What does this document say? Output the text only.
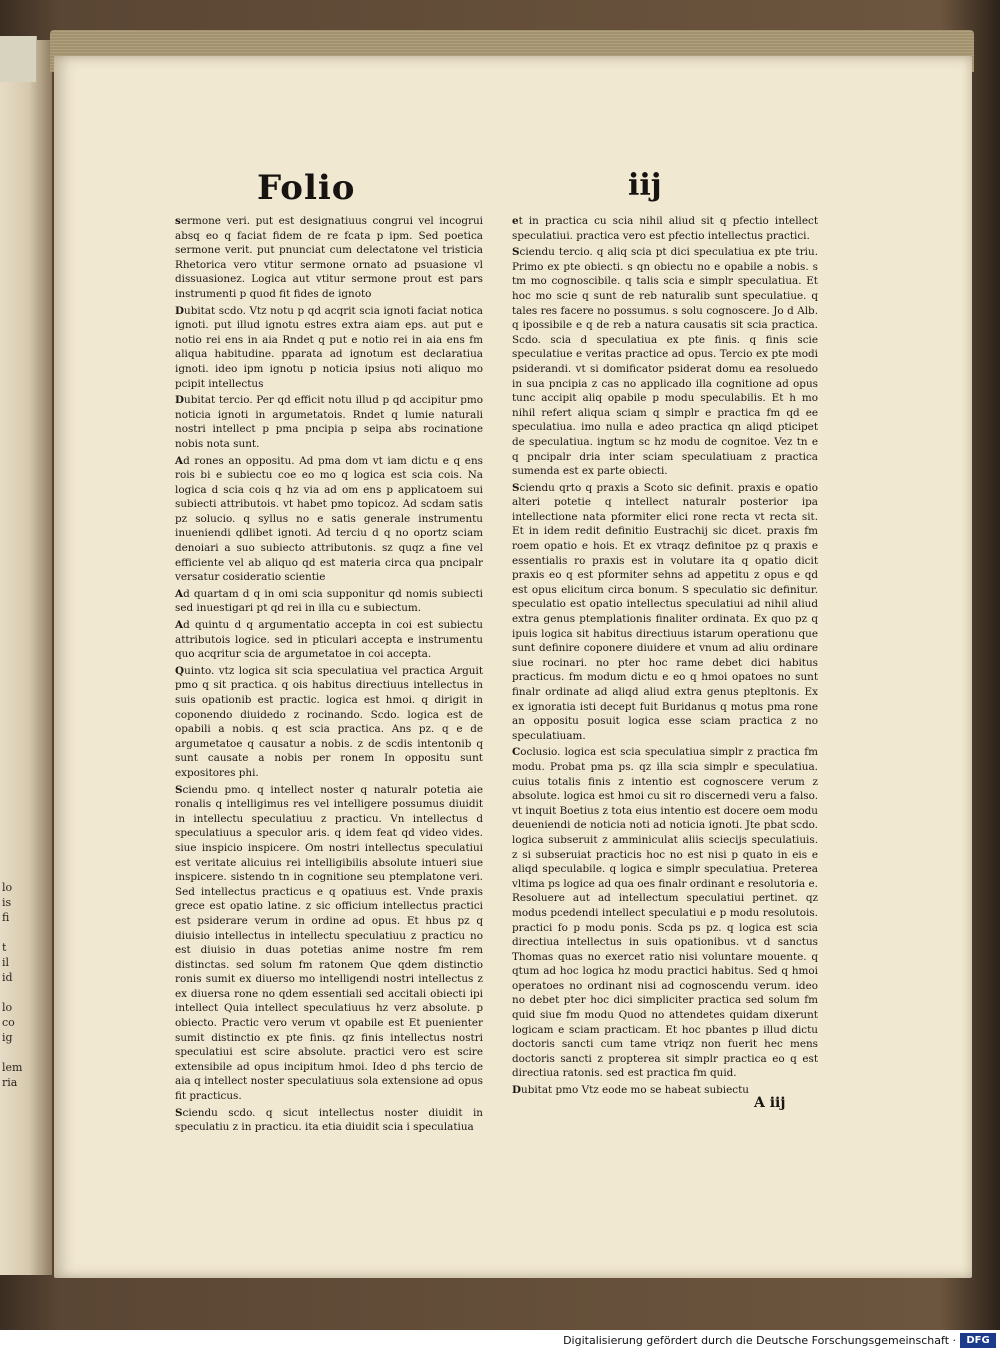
lo
is
fi

t
il
id

lo
co
ig

lem
ria
Folio	iij

sermone veri. put est designatiuus congrui vel incogrui absq eo q faciat fidem de re fcata p ipm. Sed poetica sermone verit. put pnunciat cum delectatone vel tristicia Rhetorica vero vtitur sermone ornato ad psuasione vl dissuasionez. Logica aut vtitur sermone prout est pars instrumenti p quod fit fides de ignoto

Dubitat scdo. Vtz notu p qd acqrit scia ignoti faciat notica ignoti. put illud ignotu estres extra aiam eps. aut put e notio rei ens in aia Rndet q put e notio rei in aia ens fm aliqua habitudine. pparata ad ignotum est declaratiua ignoti. ideo ipm ignotu p noticia ipsius noti aliquo mo pcipit intellectus

Dubitat tercio. Per qd efficit notu illud p qd accipitur pmo noticia ignoti in argumetatois. Rndet q lumie naturali nostri intellect p pma pncipia p seipa abs rocinatione nobis nota sunt.

Ad rones an oppositu. Ad pma dom vt iam dictu e q ens rois bi e subiectu coe eo mo q logica est scia cois. Na logica d scia cois q hz via ad om ens p applicatoem sui subiecti attributois. vt habet pmo topicoz. Ad scdam satis pz solucio. q syllus no e satis generale instrumentu inueniendi qdlibet ignoti. Ad terciu d q no oportz sciam denoiari a suo subiecto attributonis. sz quqz a fine vel efficiente vel ab aliquo qd est materia circa qua pncipalr versatur cosideratio scientie

Ad quartam d q in omi scia supponitur qd nomis subiecti sed inuestigari pt qd rei in illa cu e subiectum.

Ad quintu d q argumentatio accepta in coi est subiectu attributois logice. sed in pticulari accepta e instrumentu quo acqritur scia de argumetatoe in coi accepta.

Quinto. vtz logica sit scia speculatiua vel practica Arguit pmo q sit practica. q ois habitus directiuus intellectus in suis opationib est practic. logica est hmoi. q dirigit in coponendo diuidedo z rocinando. Scdo. logica est de opabili a nobis. q est scia practica. Ans pz. q e de argumetatoe q causatur a nobis. z de scdis intentonib q sunt causate a nobis per ronem In oppositu sunt expositores phi.

Sciendu pmo. q intellect noster q naturalr potetia aie ronalis q intelligimus res vel intelligere possumus diuidit in intellectu speculatiuu z practicu. Vn intellectus d speculatiuus a speculor aris. q idem feat qd video vides. siue inspicio inspicere. Om nostri intellectus speculatiui est veritate alicuius rei intelligibilis absolute intueri siue inspicere. sistendo tn in cognitione seu ptemplatone veri. Sed intellectus practicus e q opatiuus est. Vnde praxis grece est opatio latine. z sic officium intellectus practici est psiderare verum in ordine ad opus. Et hbus pz q diuisio intellectus in intellectu speculatiuu z practicu no est diuisio in duas potetias anime nostre fm rem distinctas. sed solum fm ratonem Que qdem distinctio ronis sumit ex diuerso mo intelligendi nostri intellectus z ex diuersa rone no qdem essentiali sed accitali obiecti ipi intellect Quia intellect speculatiuus hz verz absolute. p obiecto. Practic vero verum vt opabile est Et puenienter sumit distinctio ex pte finis. qz finis intellectus nostri speculatiui est scire absolute. practici vero est scire extensibile ad opus incipitum hmoi. Ideo d phs tercio de aia q intellect noster speculatiuus sola extensione ad opus fit practicus.

Sciendu scdo. q sicut intellectus noster diuidit in speculatiu z in practicu. ita etia diuidit scia i speculatiua

et in practica cu scia nihil aliud sit q pfectio intellect speculatiui. practica vero est pfectio intellectus practici.

Sciendu tercio. q aliq scia pt dici speculatiua ex pte triu. Primo ex pte obiecti. s qn obiectu no e opabile a nobis. s tm mo cognoscibile. q talis scia e simplr speculatiua. Et hoc mo scie q sunt de reb naturalib sunt speculatiue. q tales res facere no possumus. s solu cognoscere. Jo d Alb. q ipossibile e q de reb a natura causatis sit scia practica. Scdo. scia d speculatiua ex pte finis. q finis scie speculatiue e veritas practice ad opus. Tercio ex pte modi psiderandi. vt si domificator psiderat domu ea resoluedo in sua pncipia z cas no applicado illa cognitione ad opus tunc accipit aliq opabile p modu speculabilis. Et h mo nihil refert aliqua sciam q simplr e practica fm qd ee speculatiua. imo nulla e adeo practica qn aliqd pticipet de speculatiua. ingtum sc hz modu de cognitoe. Vez tn e q pncipalr dria inter sciam speculatiuam z practica sumenda est ex parte obiecti.

Sciendu qrto q praxis a Scoto sic definit. praxis e opatio alteri potetie q intellect naturalr posterior ipa intellectione nata pformiter elici rone recta vt recta sit. Et in idem redit definitio Eustrachij sic dicet. praxis fm roem opatio e hois. Et ex vtraqz definitoe pz q praxis e essentialis ro praxis est in volutare ita q opatio dicit praxis eo q est pformiter sehns ad appetitu z opus e qd est opus elicitum circa bonum. S speculatio sic definitur. speculatio est opatio intellectus speculatiui ad nihil aliud extra genus ptemplationis finaliter ordinata. Ex quo pz q ipuis logica sit habitus directiuus istarum operationu que sunt definire coponere diuidere et vnum ad aliu ordinare siue rocinari. no pter hoc rame debet dici habitus practicus. fm modum dictu e eo q hmoi opatoes no sunt finalr ordinate ad aliqd aliud extra genus ptepltonis. Ex ex ignoratia isti decept fuit Buridanus q motus pma rone an oppositu posuit logica esse sciam practica z no speculatiuam.

Coclusio. logica est scia speculatiua simplr z practica fm modu. Probat pma ps. qz illa scia simplr e speculatiua. cuius totalis finis z intentio est cognoscere verum z absolute. logica est hmoi cu sit ro discernedi veru a falso. vt inquit Boetius z tota eius intentio est docere oem modu deueniendi de noticia noti ad noticia ignoti. Jte pbat scdo. logica subseruit z amminiculat aliis sciecijs speculatiuis. z si subseruiat practicis hoc no est nisi p quato in eis e aliqd speculabile. q logica e simplr speculatiua. Preterea vltima ps logice ad qua oes finalr ordinant e resolutoria e. Resoluere aut ad intellectum speculatiui pertinet. qz modus pcedendi intellect speculatiui e p modu resolutois. practici fo p modu ponis. Scda ps pz. q logica est scia directiua intellectus in suis opationibus. vt d sanctus Thomas quas no exercet ratio nisi voluntare mouente. q qtum ad hoc logica hz modu practici habitus. Sed q hmoi operatoes no ordinant nisi ad cognoscendu verum. ideo no debet pter hoc dici simpliciter practica sed solum fm quid siue fm modu Quod no attendetes quidam dixerunt logicam e sciam practicam. Et hoc pbantes p illud dictu doctoris sancti cum tame vtriqz non fuerit hec mens doctoris sancti z propterea sit simplr practica eo q est directiua ratonis. sed est practica fm quid.

Dubitat pmo Vtz eode mo se habeat subiectu

A iij
Digitalisierung gefördert durch die Deutsche Forschungsgemeinschaft ·	DFG
